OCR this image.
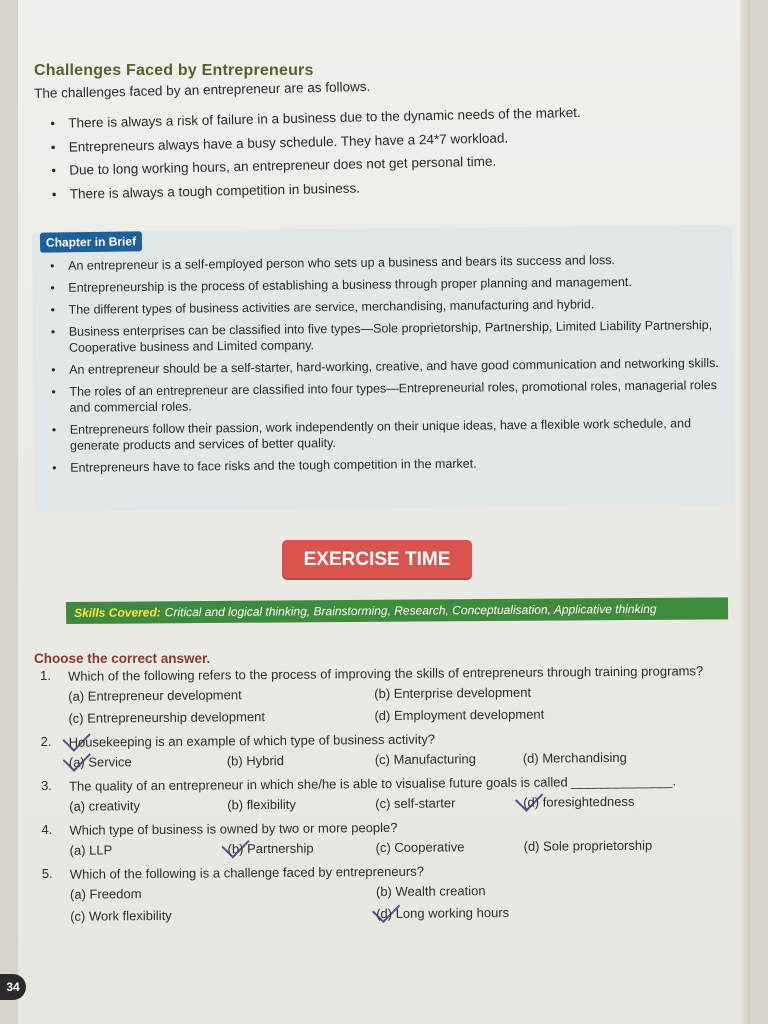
Challenges Faced by Entrepreneurs

The challenges faced by an entrepreneur are as follows.

• There is always a risk of failure in a business due to the dynamic needs of the market.
• Entrepreneurs always have a busy schedule. They have a 24*7 workload.
• Due to long working hours, an entrepreneur does not get personal time.
• There is always a tough competition in business.
Chapter in Brief
• An entrepreneur is a self-employed person who sets up a business and bears its success and loss.
• Entrepreneurship is the process of establishing a business through proper planning and management.
• The different types of business activities are service, merchandising, manufacturing and hybrid.
• Business enterprises can be classified into five types—Sole proprietorship, Partnership, Limited Liability Partnership, Cooperative business and Limited company.
• An entrepreneur should be a self-starter, hard-working, creative, and have good communication and networking skills.
• The roles of an entrepreneur are classified into four types—Entrepreneurial roles, promotional roles, managerial roles and commercial roles.
• Entrepreneurs follow their passion, work independently on their unique ideas, have a flexible work schedule, and generate products and services of better quality.
• Entrepreneurs have to face risks and the tough competition in the market.
EXERCISE TIME
Skills Covered: Critical and logical thinking, Brainstorming, Research, Conceptualisation, Applicative thinking
Choose the correct answer.
1.	Which of the following refers to the process of improving the skills of entrepreneurs through training programs?
(a) Entrepreneur development	(b) Enterprise development
(c) Entrepreneurship development	(d) Employment development
2.	Housekeeping is an example of which type of business activity?
(a) Service	(b) Hybrid	(c) Manufacturing	(d) Merchandising
3.	The quality of an entrepreneur in which she/he is able to visualise future goals is called ______________.
(a) creativity	(b) flexibility	(c) self-starter	(d) foresightedness
4.	Which type of business is owned by two or more people?
(a) LLP	(b) Partnership	(c) Cooperative	(d) Sole proprietorship
5.	Which of the following is a challenge faced by entrepreneurs?
(a) Freedom	(b) Wealth creation
(c) Work flexibility	(d) Long working hours
34
